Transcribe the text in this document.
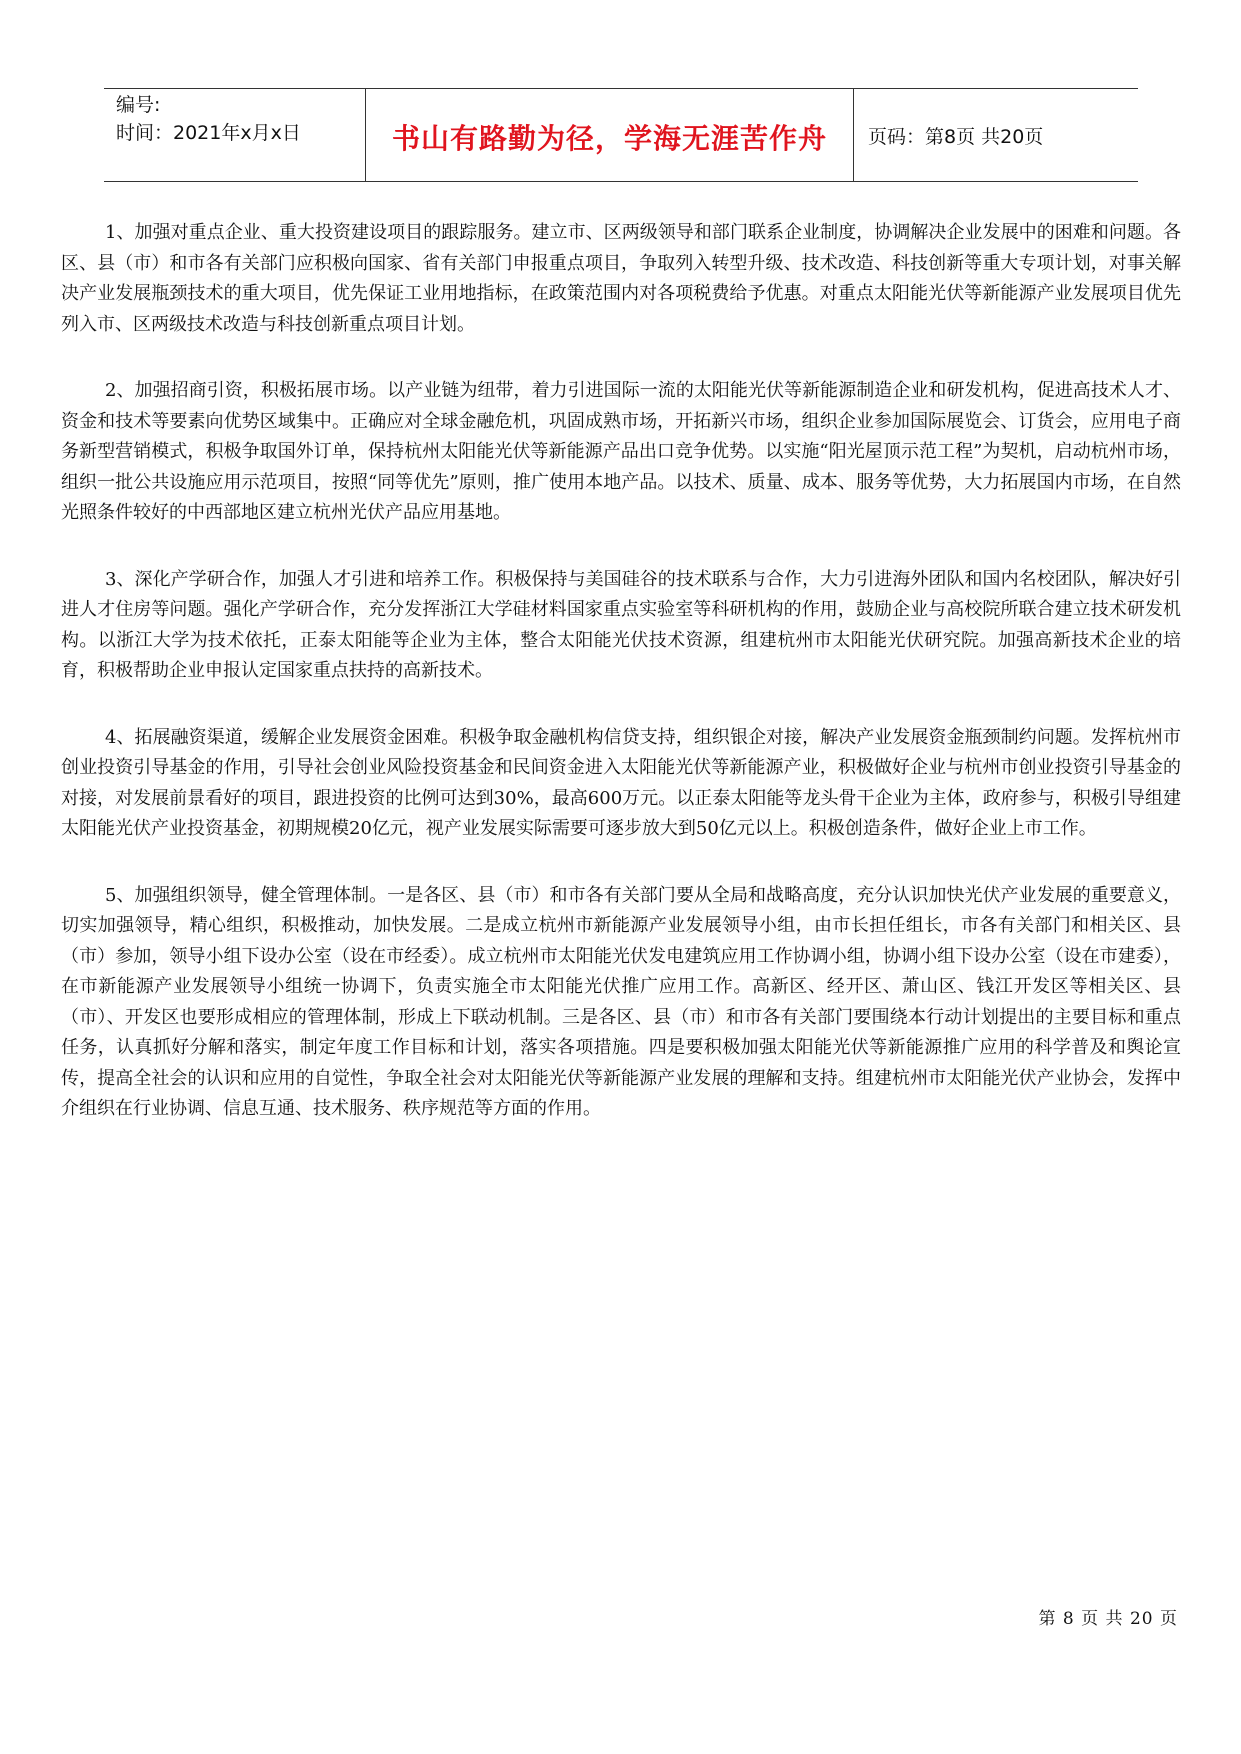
编号:
时间：2021年x月x日	书山有路勤为径，学海无涯苦作舟 页码：第8页 共20页

1、加强对重点企业、重大投资建设项目的跟踪服务。建立市、区两级领导和部门联系企业制度，协调解决企业发展中的困难和问题。各区、县（市）和市各有关部门应积极向国家、省有关部门申报重点项目，争取列入转型升级、技术改造、科技创新等重大专项计划，对事关解决产业发展瓶颈技术的重大项目，优先保证工业用地指标，在政策范围内对各项税费给予优惠。对重点太阳能光伏等新能源产业发展项目优先列入市、区两级技术改造与科技创新重点项目计划。

2、加强招商引资，积极拓展市场。以产业链为纽带，着力引进国际一流的太阳能光伏等新能源制造企业和研发机构，促进高技术人才、资金和技术等要素向优势区域集中。正确应对全球金融危机，巩固成熟市场，开拓新兴市场，组织企业参加国际展览会、订货会，应用电子商务新型营销模式，积极争取国外订单，保持杭州太阳能光伏等新能源产品出口竞争优势。以实施“阳光屋顶示范工程”为契机，启动杭州市场，组织一批公共设施应用示范项目，按照“同等优先”原则，推广使用本地产品。以技术、质量、成本、服务等优势，大力拓展国内市场，在自然光照条件较好的中西部地区建立杭州光伏产品应用基地。

3、深化产学研合作，加强人才引进和培养工作。积极保持与美国硅谷的技术联系与合作，大力引进海外团队和国内名校团队，解决好引进人才住房等问题。强化产学研合作，充分发挥浙江大学硅材料国家重点实验室等科研机构的作用，鼓励企业与高校院所联合建立技术研发机构。以浙江大学为技术依托，正泰太阳能等企业为主体，整合太阳能光伏技术资源，组建杭州市太阳能光伏研究院。加强高新技术企业的培育，积极帮助企业申报认定国家重点扶持的高新技术。

4、拓展融资渠道，缓解企业发展资金困难。积极争取金融机构信贷支持，组织银企对接，解决产业发展资金瓶颈制约问题。发挥杭州市创业投资引导基金的作用，引导社会创业风险投资基金和民间资金进入太阳能光伏等新能源产业，积极做好企业与杭州市创业投资引导基金的对接，对发展前景看好的项目，跟进投资的比例可达到30%，最高600万元。以正泰太阳能等龙头骨干企业为主体，政府参与，积极引导组建太阳能光伏产业投资基金，初期规模20亿元，视产业发展实际需要可逐步放大到50亿元以上。积极创造条件，做好企业上市工作。

5、加强组织领导，健全管理体制。一是各区、县（市）和市各有关部门要从全局和战略高度，充分认识加快光伏产业发展的重要意义，切实加强领导，精心组织，积极推动，加快发展。二是成立杭州市新能源产业发展领导小组，由市长担任组长，市各有关部门和相关区、县（市）参加，领导小组下设办公室（设在市经委）。成立杭州市太阳能光伏发电建筑应用工作协调小组，协调小组下设办公室（设在市建委），在市新能源产业发展领导小组统一协调下，负责实施全市太阳能光伏推广应用工作。高新区、经开区、萧山区、钱江开发区等相关区、县（市）、开发区也要形成相应的管理体制，形成上下联动机制。三是各区、县（市）和市各有关部门要围绕本行动计划提出的主要目标和重点任务，认真抓好分解和落实，制定年度工作目标和计划，落实各项措施。四是要积极加强太阳能光伏等新能源推广应用的科学普及和舆论宣传，提高全社会的认识和应用的自觉性，争取全社会对太阳能光伏等新能源产业发展的理解和支持。组建杭州市太阳能光伏产业协会，发挥中介组织在行业协调、信息互通、技术服务、秩序规范等方面的作用。

第 8 页 共 20 页
